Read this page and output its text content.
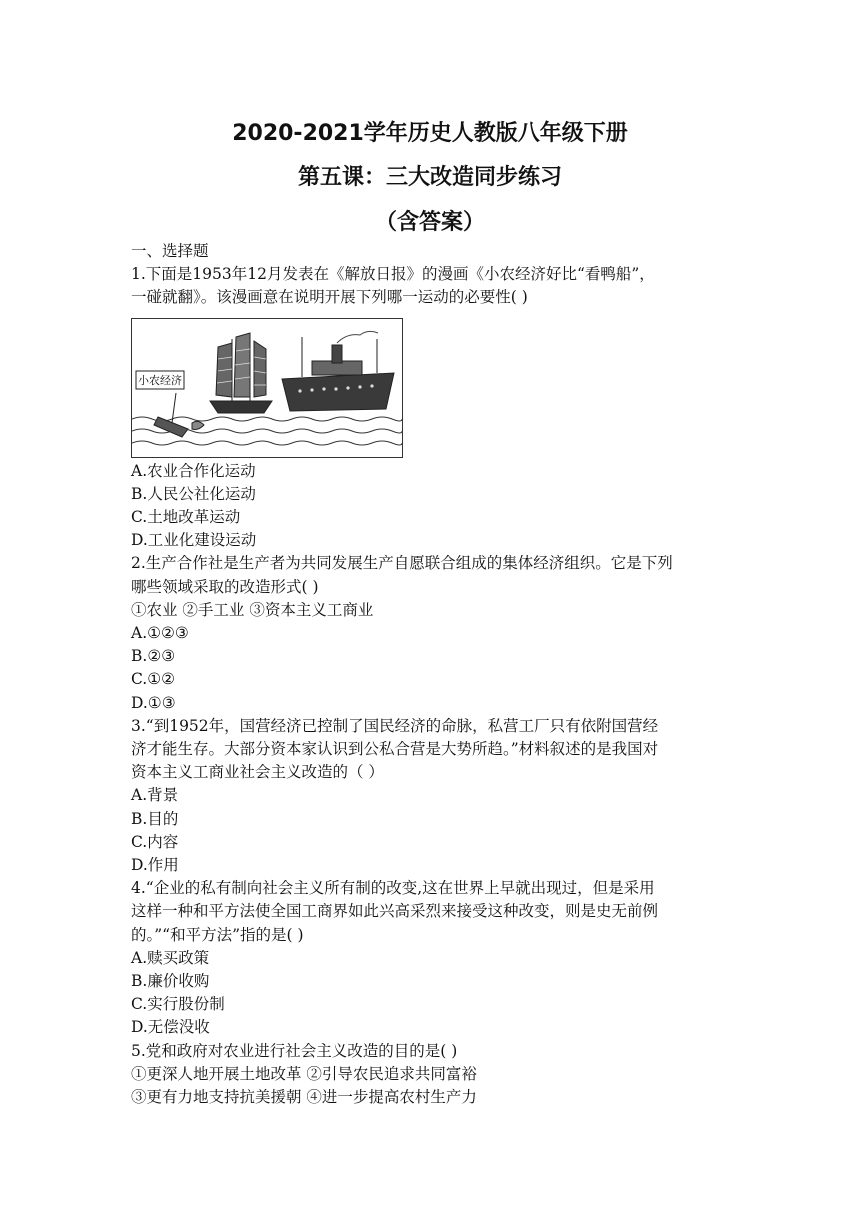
2020-2021学年历史人教版八年级下册
第五课：三大改造同步练习
（含答案）

一、选择题

1.下面是1953年12月发表在《解放日报》的漫画《小农经济好比“看鸭船”，

一碰就翻》。该漫画意在说明开展下列哪一运动的必要性( )

小农经济

A.农业合作化运动

B.人民公社化运动

C.土地改革运动

D.工业化建设运动

2.生产合作社是生产者为共同发展生产自愿联合组成的集体经济组织。它是下列

哪些领域采取的改造形式( )

①农业 ②手工业 ③资本主义工商业

A.①②③

B.②③

C.①②

D.①③

3.“到1952年，国营经济已控制了国民经济的命脉，私营工厂只有依附国营经

济才能生存。大部分资本家认识到公私合营是大势所趋。”材料叙述的是我国对

资本主义工商业社会主义改造的（ ）

A.背景

B.目的

C.内容

D.作用

4.“企业的私有制向社会主义所有制的改变,这在世界上早就出现过，但是采用

这样一种和平方法使全国工商界如此兴高采烈来接受这种改变，则是史无前例

的。”“和平方法”指的是( )

A.赎买政策

B.廉价收购

C.实行股份制

D.无偿没收

5.党和政府对农业进行社会主义改造的目的是( )

①更深人地开展土地改革 ②引导农民追求共同富裕

③更有力地支持抗美援朝 ④进一步提高农村生产力
